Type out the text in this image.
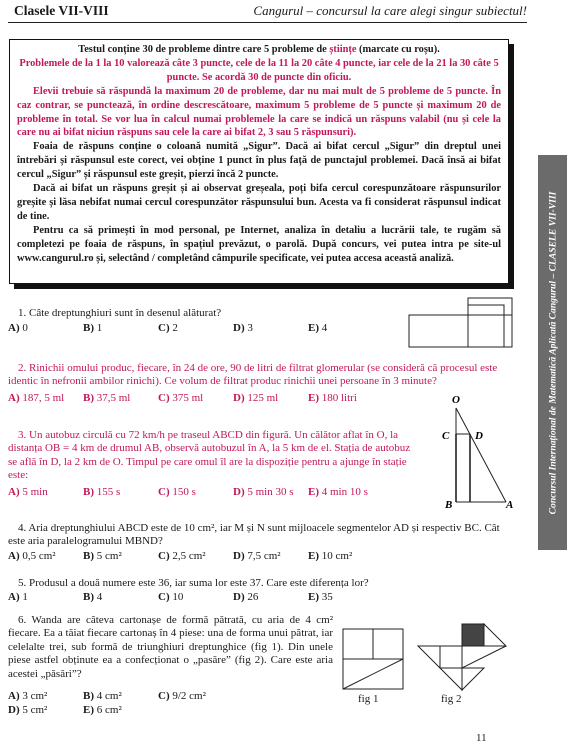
Clasele VII-VIII	Cangurul – concursul la care alegi singur subiectul!

Testul conține 30 de probleme dintre care 5 probleme de științe (marcate cu roșu).

Problemele de la 1 la 10 valorează câte 3 puncte, cele de la 11 la 20 câte 4 puncte, iar cele de la 21 la 30 câte 5 puncte. Se acordă 30 de puncte din oficiu.

Elevii trebuie să răspundă la maximum 20 de probleme, dar nu mai mult de 5 probleme de 5 puncte. În caz contrar, se punctează, în ordine descrescătoare, maximum 5 probleme de 5 puncte și maximum 20 de probleme în total. Se vor lua în calcul numai problemele la care se indică un răspuns valabil (nu și cele la care nu ai bifat niciun răspuns sau cele la care ai bifat 2, 3 sau 5 răspunsuri).

Foaia de răspuns conține o coloană numită „Sigur”. Dacă ai bifat cercul „Sigur” din dreptul unei întrebări și răspunsul este corect, vei obține 1 punct în plus față de punctajul problemei. Dacă însă ai bifat cercul „Sigur” și răspunsul este greșit, pierzi încă 2 puncte.

Dacă ai bifat un răspuns greșit și ai observat greșeala, poți bifa cercul corespunzătoare răspunsurilor greșite și lăsa nebifat numai cercul corespunzător răspunsului bun. Acesta va fi considerat răspunsul indicat de tine.

Pentru ca să primești în mod personal, pe Internet, analiza în detaliu a lucrării tale, te rugăm să completezi pe foaia de răspuns, în spațiul prevăzut, o parolă. După concurs, vei putea intra pe site-ul www.cangurul.ro și, selectând / completând câmpurile specificate, vei putea accesa această analiză.	Concursul Internațional de Matematică Aplicată Cangurul – CLASELE VII-VIII

1. Câte dreptunghiuri sunt în desenul alăturat?

A) 0	B) 1	C) 2	D) 3	E) 4

2. Rinichii omului produc, fiecare, în 24 de ore, 90 de litri de filtrat glomerular (se consideră că procesul este identic în nefronii ambilor rinichi). Ce volum de filtrat produc rinichii unei persoane în 3 minute?

A) 187, 5 ml B) 37,5 ml	C) 375 ml	D) 125 ml	E) 180 litri

3. Un autobuz circulă cu 72 km/h pe traseul ABCD din figură. Un călător aflat în O, la distanța OB = 4 km de drumul AB, observă autobuzul în A, la 5 km de el. Stația de autobuz se află în D, la 2 km de O. Timpul pe care omul îl are la dispoziție pentru a ajunge în stație este:

A) 5 min	B) 155 s	C) 150 s	D) 5 min 30 s E) 4 min 10 s
O
C D
B	A

4. Aria dreptunghiului ABCD este de 10 cm², iar M și N sunt mijloacele segmentelor AD și respectiv BC. Cât este aria paralelogramului MBND?

A) 0,5 cm² B) 5 cm²	C) 2,5 cm² D) 7,5 cm² E) 10 cm²

5. Produsul a două numere este 36, iar suma lor este 37. Care este diferența lor?

A) 1	B) 4	C) 10	D) 26	E) 35

6. Wanda are câteva cartonașe de formă pătrată, cu aria de 4 cm² fiecare. Ea a tăiat fiecare cartonaș în 4 piese: una de forma unui pătrat, iar celelalte trei, sub formă de triunghiuri dreptunghice (fig 1). Din unele piese astfel obținute ea a confecționat o „pasăre” (fig 2). Care este aria acestei „păsări”?

A) 3 cm²	B) 4 cm²	C) 9/2 cm²
D) 5 cm²	E) 6 cm²
fig 1	fig 2
11
